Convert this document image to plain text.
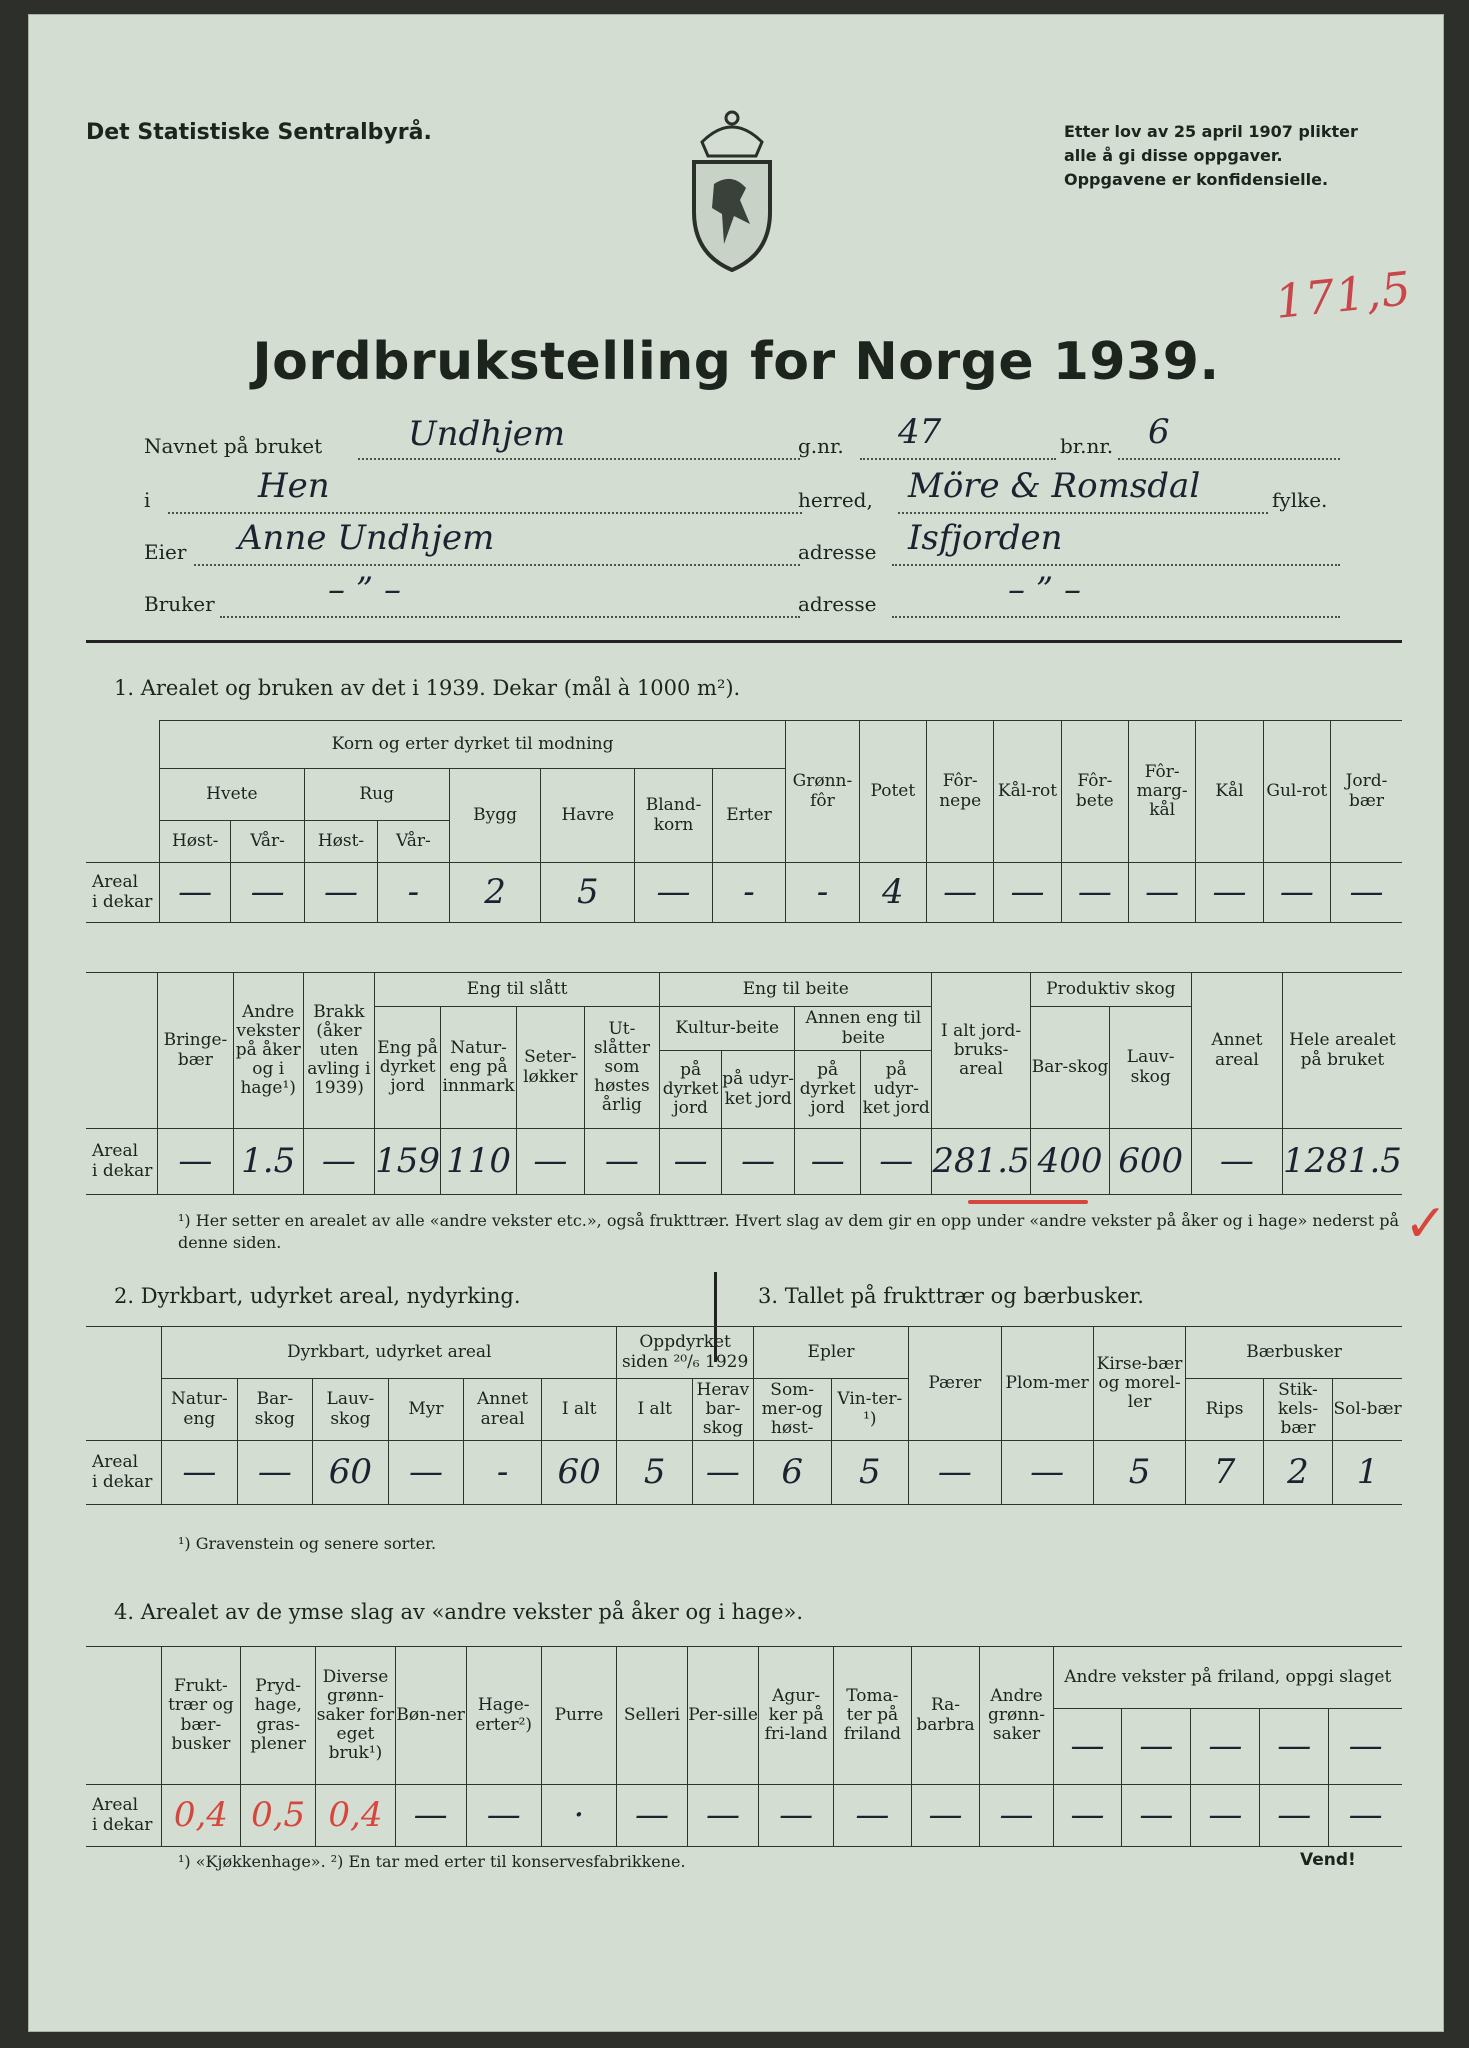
Det Statistiske Sentralbyrå.	Etter lov av 25 april 1907 plikter
alle å gi disse oppgaver.
Oppgavene er konfidensielle.
171,5
Jordbrukstelling for Norge 1939.
Navnet på bruket	Undhjem	g.nr. 47	br.nr. 6
i	Hen	herred, Möre & Romsdal	fylke.
Eier Anne Undhjem	adresse Isfjorden
Bruker	– ” –	adresse	– ” –
1. Arealet og bruken av det i 1939. Dekar (mål à 1000 m²).
	Korn og erter dyrket til modning								Grønn-fôr	Potet	Fôr-nepe	Kål-rot	Fôr-bete	Fôr-marg-kål	Kål	Gul-rot	Jord-bær
	Hvete		Rug		Bygg	Havre	Bland-korn	Erter									
	Høst-	Vår-	Høst-	Vår-													
Areal
i dekar	—	—	—	-	2	5	—	-	-	4	—	—	—	—	—	—	—
	Bringe-bær	Andre vekster på åker og i hage¹)	Brakk (åker uten avling i 1939)	Eng til slått				Eng til beite				I alt jord-bruks-areal	Produktiv skog		Annet areal	Hele arealet på bruket
				Eng på dyrket jord	Natur-eng på innmark	Seter-løkker	Ut-slåtter som høstes årlig	Kultur-beite		Annen eng til beite			Bar-skog	Lauv-skog		
								på dyrket jord	på udyr-ket jord	på dyrket jord	på udyr-ket jord					
Areal
i dekar	—	1.5	—	159	110	—	—	—	—	—	—	281.5	400	600	—	1281.5
✓
¹) Her setter en arealet av alle «andre vekster etc.», også frukttrær. Hvert slag av dem gir en opp under «andre vekster på åker og i hage» nederst på denne siden.
2. Dyrkbart, udyrket areal, nydyrking.	3. Tallet på frukttrær og bærbusker.
	Dyrkbart, udyrket areal						Oppdyrket siden ²⁰/₆ 1929		Epler		Pærer	Plom-mer	Kirse-bær og morel-ler	Bærbusker		
	Natur-eng	Bar-skog	Lauv-skog	Myr	Annet areal	I alt	I alt	Herav bar-skog	Som-mer-og høst-	Vin-ter-¹)				Rips	Stik-kels-bær	Sol-bær
Areal
i dekar	—	—	60	—	-	60	5	—	6	5	—	—	5	7	2	1
¹) Gravenstein og senere sorter.
4. Arealet av de ymse slag av «andre vekster på åker og i hage».
	Frukt-trær og bær-busker	Pryd-hage, gras-plener	Diverse grønn-saker for eget bruk¹)	Bøn-ner	Hage-erter²)	Purre	Selleri	Per-sille	Agur-ker på fri-land	Toma-ter på friland	Ra-barbra	Andre grønn-saker	Andre vekster på friland, oppgi slaget				
													—	—	—	—	—
Areal
i dekar	0,4	0,5	0,4	—	—	·	—	—	—	—	—	—	—	—	—	—	—
¹) «Kjøkkenhage». ²) En tar med erter til konservesfabrikkene.	Vend!
